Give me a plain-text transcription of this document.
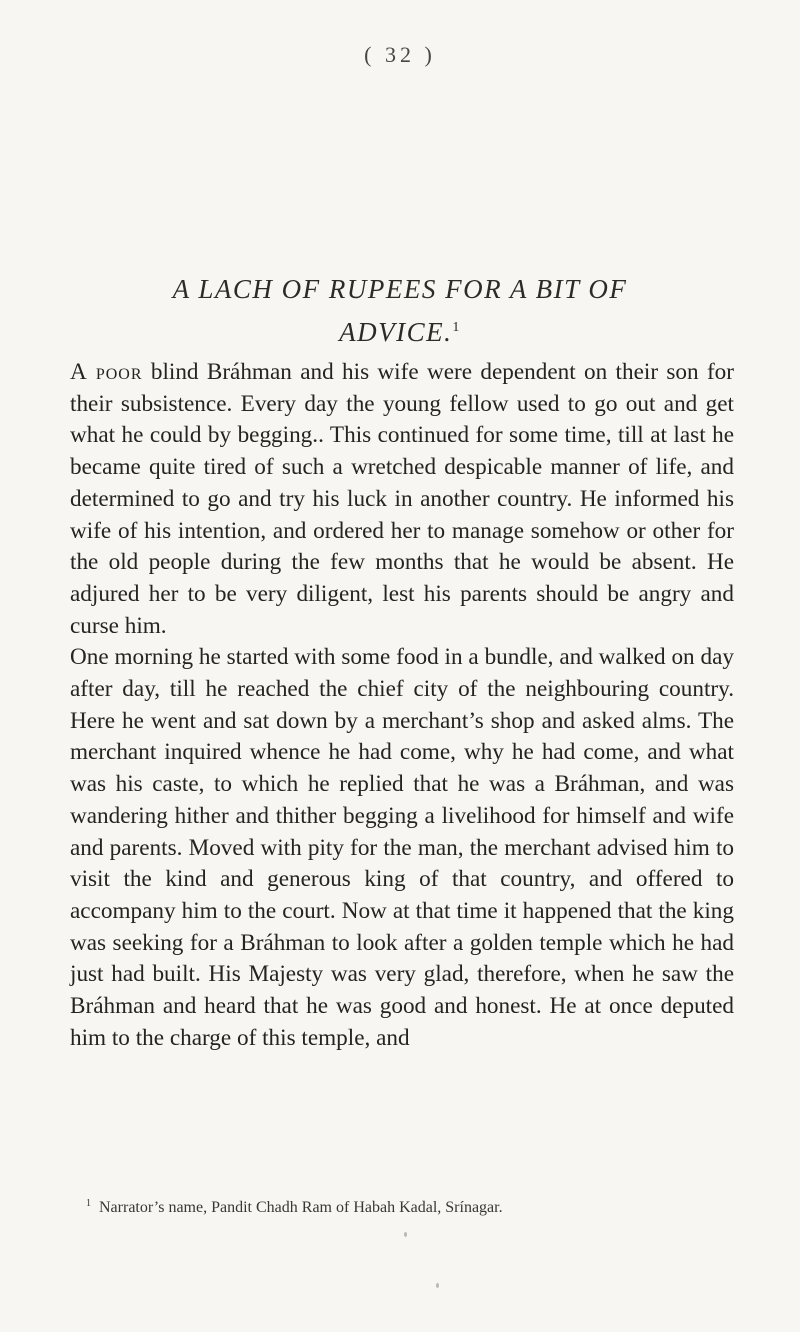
( 32 )
A LACH OF RUPEES FOR A BIT OF ADVICE.$^1$

A poor blind Bráhman and his wife were dependent on their son for their subsistence. Every day the young fellow used to go out and get what he could by begging.. This continued for some time, till at last he became quite tired of such a wretched despicable manner of life, and determined to go and try his luck in another country. He informed his wife of his intention, and ordered her to manage somehow or other for the old people during the few months that he would be absent. He adjured her to be very diligent, lest his parents should be angry and curse him.

One morning he started with some food in a bundle, and walked on day after day, till he reached the chief city of the neighbouring country. Here he went and sat down by a merchant’s shop and asked alms. The merchant inquired whence he had come, why he had come, and what was his caste, to which he replied that he was a Bráhman, and was wandering hither and thither begging a livelihood for himself and wife and parents. Moved with pity for the man, the merchant advised him to visit the kind and generous king of that country, and offered to accompany him to the court. Now at that time it happened that the king was seeking for a Bráhman to look after a golden temple which he had just had built. His Majesty was very glad, therefore, when he saw the Bráhman and heard that he was good and honest. He at once deputed him to the charge of this temple, and

$^1$ Narrator’s name, Pandit Chadh Ram of Habah Kadal, Srínagar.
